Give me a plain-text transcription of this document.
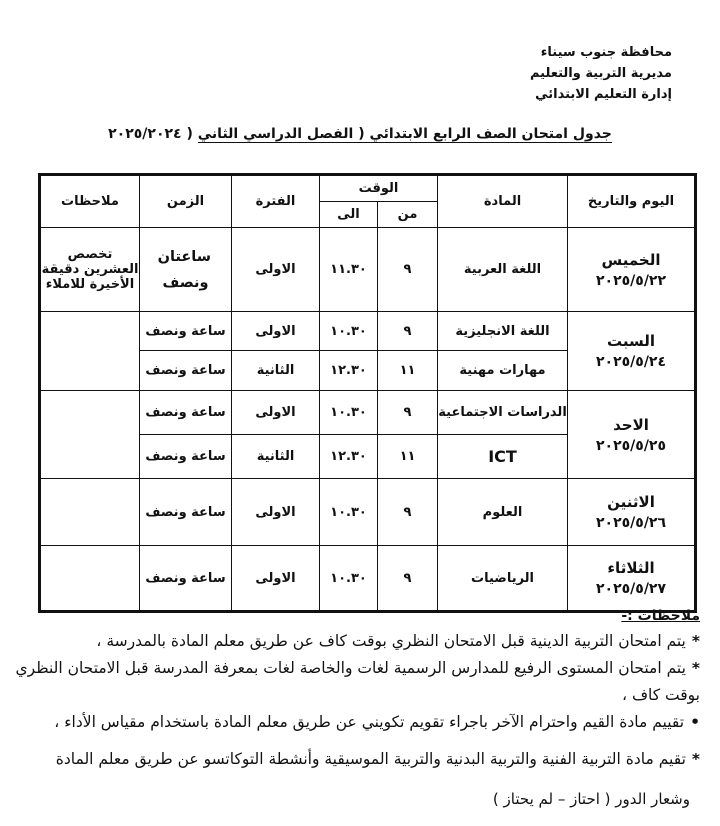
محافظة جنوب سيناء
مديرية التربية والتعليم
إدارة التعليم الابتدائي
جدول امتحان الصف الرابع الابتدائي ( الفصل الدراسي الثاني ( ٢٠٢٥/٢٠٢٤
اليوم والتاريخ	المادة	الوقت		الفترة	الزمن	ملاحظات
		من	الى			

الخميس
٢٠٢٥/٥/٢٢	اللغة العربية	٩	١١.٣٠	الاولى	ساعتان ونصف	تخصص العشرين دقيقة الأخيرة للاملاء

السبت
٢٠٢٥/٥/٢٤	اللغة الانجليزية	٩	١٠.٣٠	الاولى	ساعة ونصف	
	مهارات مهنية	١١	١٢.٣٠	الثانية	ساعة ونصف	

الاحد
٢٠٢٥/٥/٢٥	الدراسات الاجتماعية	٩	١٠.٣٠	الاولى	ساعة ونصف	
	ICT	١١	١٢.٣٠	الثانية	ساعة ونصف	

الاثنين
٢٠٢٥/٥/٢٦	العلوم	٩	١٠.٣٠	الاولى	ساعة ونصف	

الثلاثاء
٢٠٢٥/٥/٢٧	الرياضيات	٩	١٠.٣٠	الاولى	ساعة ونصف	
ملاحظات :-
*يتم امتحان التربية الدينية قبل الامتحان النظري بوقت كاف عن طريق معلم المادة بالمدرسة ،
*يتم امتحان المستوى الرفيع للمدارس الرسمية لغات والخاصة لغات بمعرفة المدرسة قبل الامتحان النظري بوقت كاف ،
•تقييم مادة القيم واحترام الآخر باجراء تقويم تكويني عن طريق معلم المادة باستخدام مقياس الأداء ،
*تقيم مادة التربية الفنية والتربية البدنية والتربية الموسيقية وأنشطة التوكاتسو عن طريق معلم المادة
وشعار الدور ( احتاز – لم يحتاز )
